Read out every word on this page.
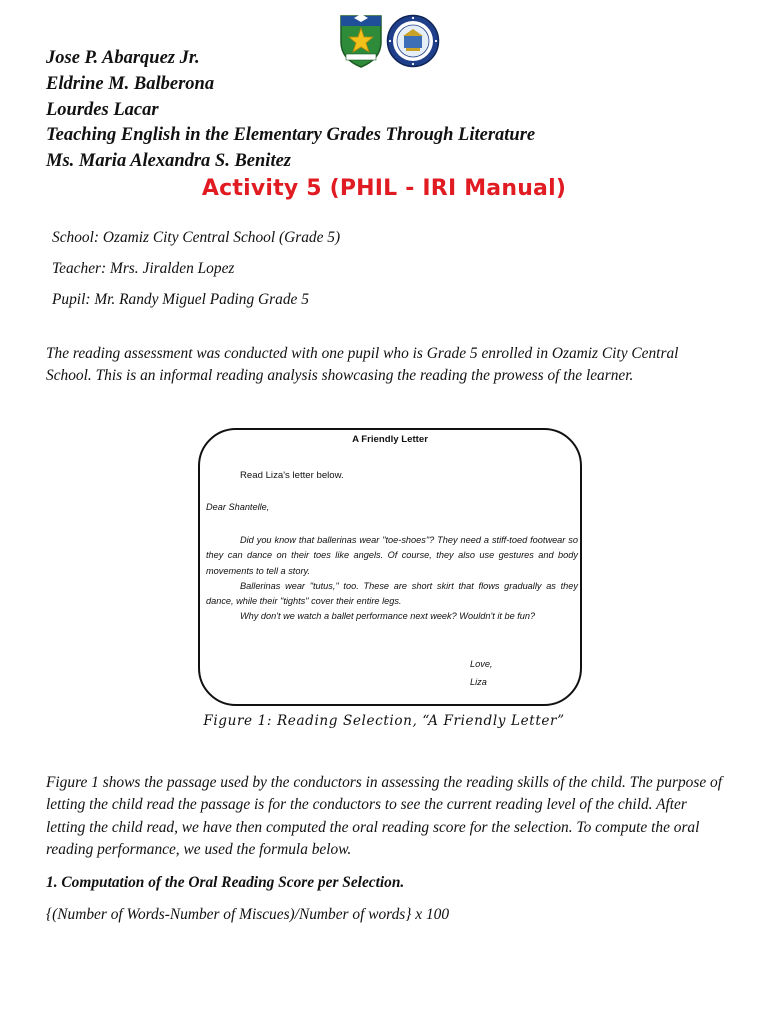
Jose P. Abarquez Jr.
Eldrine M. Balberona
Lourdes Lacar
Teaching English in the Elementary Grades Through Literature
Ms. Maria Alexandra S. Benitez
Activity 5 (PHIL - IRI Manual)
School: Ozamiz City Central School (Grade 5)
Teacher: Mrs. Jiralden Lopez
Pupil: Mr. Randy Miguel Pading Grade 5

The reading assessment was conducted with one pupil who is Grade 5 enrolled in Ozamiz City Central School. This is an informal reading analysis showcasing the reading the prowess of the learner.

A Friendly Letter

Read Liza's letter below.

Dear Shantelle,

Did you know that ballerinas wear "toe-shoes"? They need a stiff-toed footwear so they can dance on their toes like angels. Of course, they also use gestures and body movements to tell a story.

Ballerinas wear "tutus," too. These are short skirt that flows gradually as they dance, while their "tights" cover their entire legs.

Why don't we watch a ballet performance next week? Wouldn't it be fun?

Love,
Liza

Figure 1: Reading Selection, “A Friendly Letter”

Figure 1 shows the passage used by the conductors in assessing the reading skills of the child. The purpose of letting the child read the passage is for the conductors to see the current reading level of the child. After letting the child read, we have then computed the oral reading score for the selection. To compute the oral reading performance, we used the formula below.

1. Computation of the Oral Reading Score per Selection.

{(Number of Words-Number of Miscues)/Number of words} x 100
